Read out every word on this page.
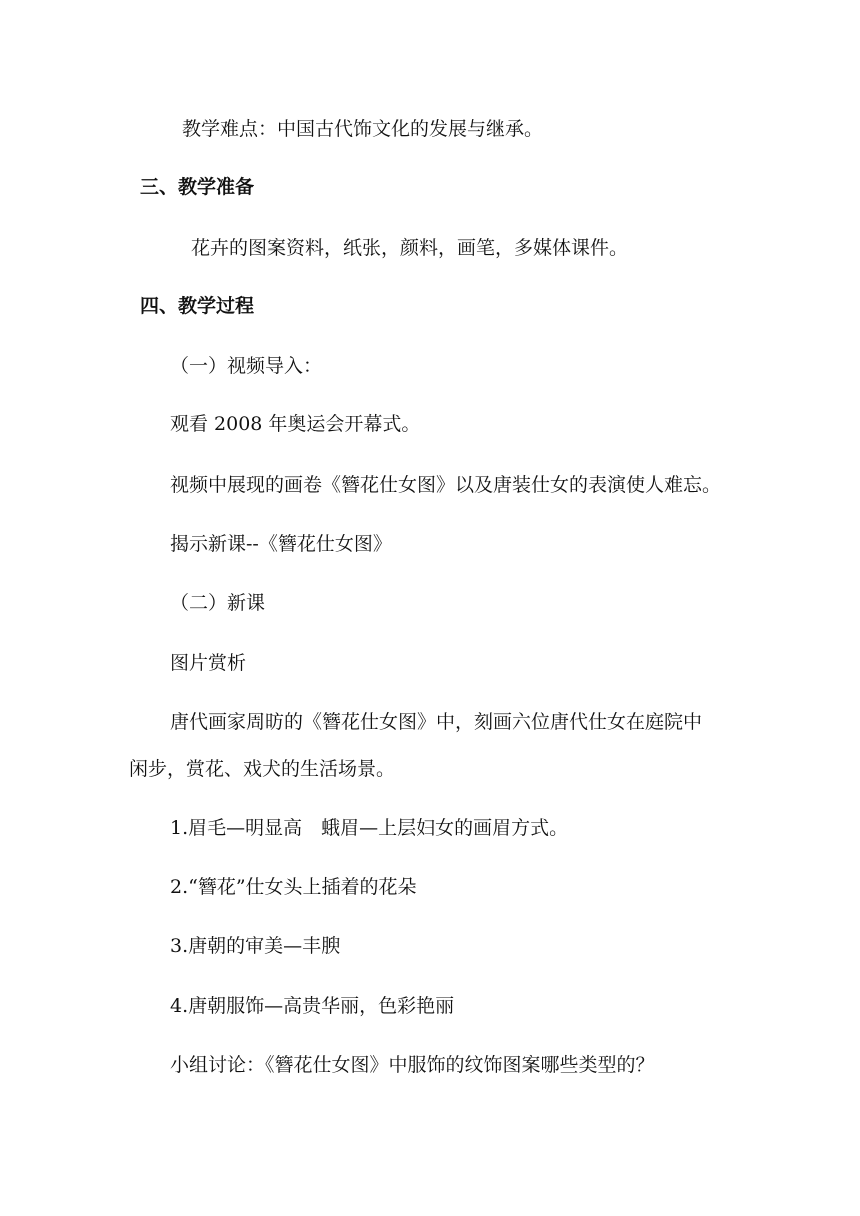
教学难点：中国古代饰文化的发展与继承。
三、教学准备
花卉的图案资料，纸张，颜料，画笔，多媒体课件。
四、教学过程
（一）视频导入：
观看 2008 年奥运会开幕式。
视频中展现的画卷《簪花仕女图》以及唐装仕女的表演使人难忘。
揭示新课--《簪花仕女图》
（二）新课
图片赏析
唐代画家周昉的《簪花仕女图》中，刻画六位唐代仕女在庭院中
闲步，赏花、戏犬的生活场景。
1.眉毛—明显高　蛾眉—上层妇女的画眉方式。
2.“簪花”仕女头上插着的花朵
3.唐朝的审美—丰腴
4.唐朝服饰—高贵华丽，色彩艳丽
小组讨论：《簪花仕女图》中服饰的纹饰图案哪些类型的？
